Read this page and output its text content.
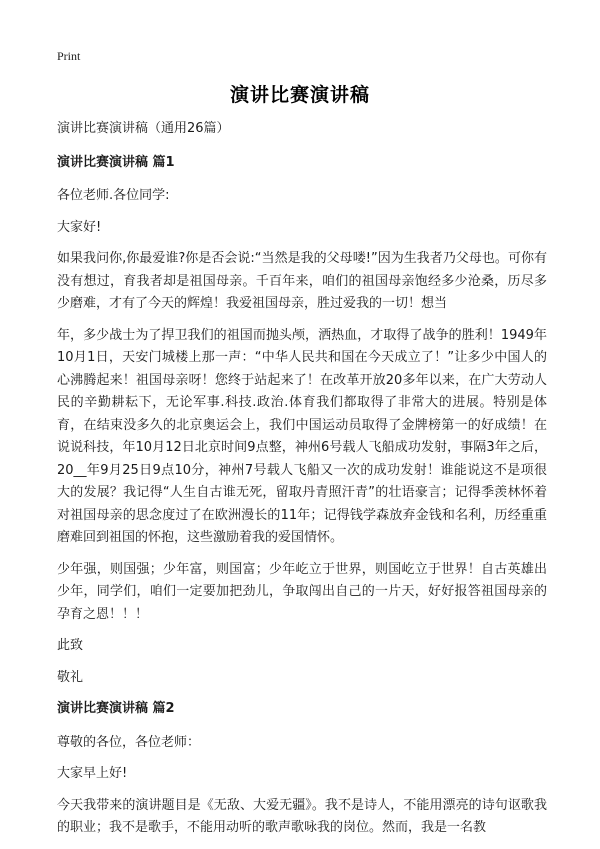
Print
演讲比赛演讲稿

演讲比赛演讲稿（通用26篇）

演讲比赛演讲稿 篇1

各位老师.各位同学:

大家好!

如果我问你,你最爱谁?你是否会说:“当然是我的父母喽!”因为生我者乃父母也。可你有没有想过，育我者却是祖国母亲。千百年来，咱们的祖国母亲饱经多少沧桑，历尽多少磨难，才有了今天的辉煌！我爱祖国母亲，胜过爱我的一切！想当

年，多少战士为了捍卫我们的祖国而抛头颅，洒热血，才取得了战争的胜利！1949年10月1日，天安门城楼上那一声：“中华人民共和国在今天成立了！”让多少中国人的心沸腾起来！祖国母亲呀！您终于站起来了！在改革开放20多年以来，在广大劳动人民的辛勤耕耘下，无论军事.科技.政治.体育我们都取得了非常大的进展。特别是体育，在结束没多久的北京奥运会上，我们中国运动员取得了金牌榜第一的好成绩！在说说科技，年10月12日北京时间9点整，神州6号载人飞船成功发射，事隔3年之后，20__年9月25日9点10分，神州7号载人飞船又一次的成功发射！谁能说这不是项很大的发展？我记得“人生自古谁无死，留取丹青照汗青”的壮语豪言；记得季羡林怀着对祖国母亲的思念度过了在欧洲漫长的11年；记得钱学森放弃金钱和名利，历经重重磨难回到祖国的怀抱，这些激励着我的爱国情怀。

少年强，则国强；少年富，则国富；少年屹立于世界，则国屹立于世界！自古英雄出少年，同学们，咱们一定要加把劲儿，争取闯出自己的一片天，好好报答祖国母亲的孕育之恩！！！

此致

敬礼

演讲比赛演讲稿 篇2

尊敬的各位，各位老师：

大家早上好!

今天我带来的演讲题目是《无敌、大爱无疆》。我不是诗人，不能用漂亮的诗句讴歌我的职业；我不是歌手，不能用动听的歌声歌咏我的岗位。然而，我是一名教
